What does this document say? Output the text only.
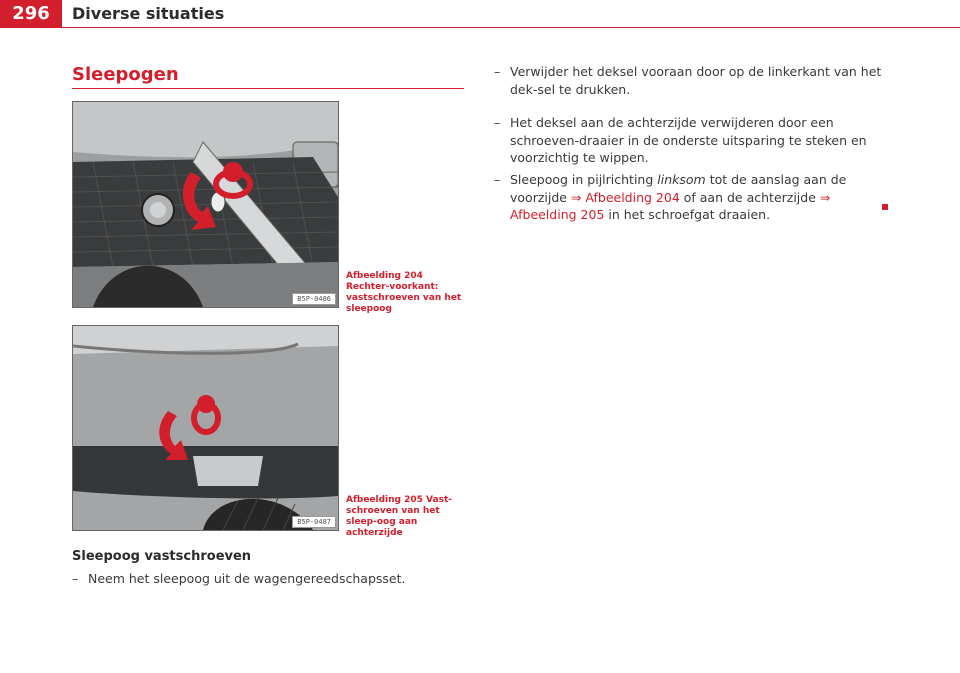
296	Diverse situaties
Sleepogen
B5P-0486
Afbeelding 204 Rechter-voorkant: vastschroeven van het sleepoog
B5P-0487
Afbeelding 205 Vast-schroeven van het sleep-oog aan achterzijde
Sleepoog vastschroeven
– Neem het sleepoog uit de wagengereedschapsset.
– Verwijder het deksel vooraan door op de linkerkant van het dek-sel te drukken.
– Het deksel aan de achterzijde verwijderen door een schroeven-draaier in de onderste uitsparing te steken en voorzichtig te wippen.
– Sleepoog in pijlrichting linksom tot de aanslag aan de voorzijde ⇒ Afbeelding 204 of aan de achterzijde ⇒ Afbeelding 205 in het schroefgat draaien.
